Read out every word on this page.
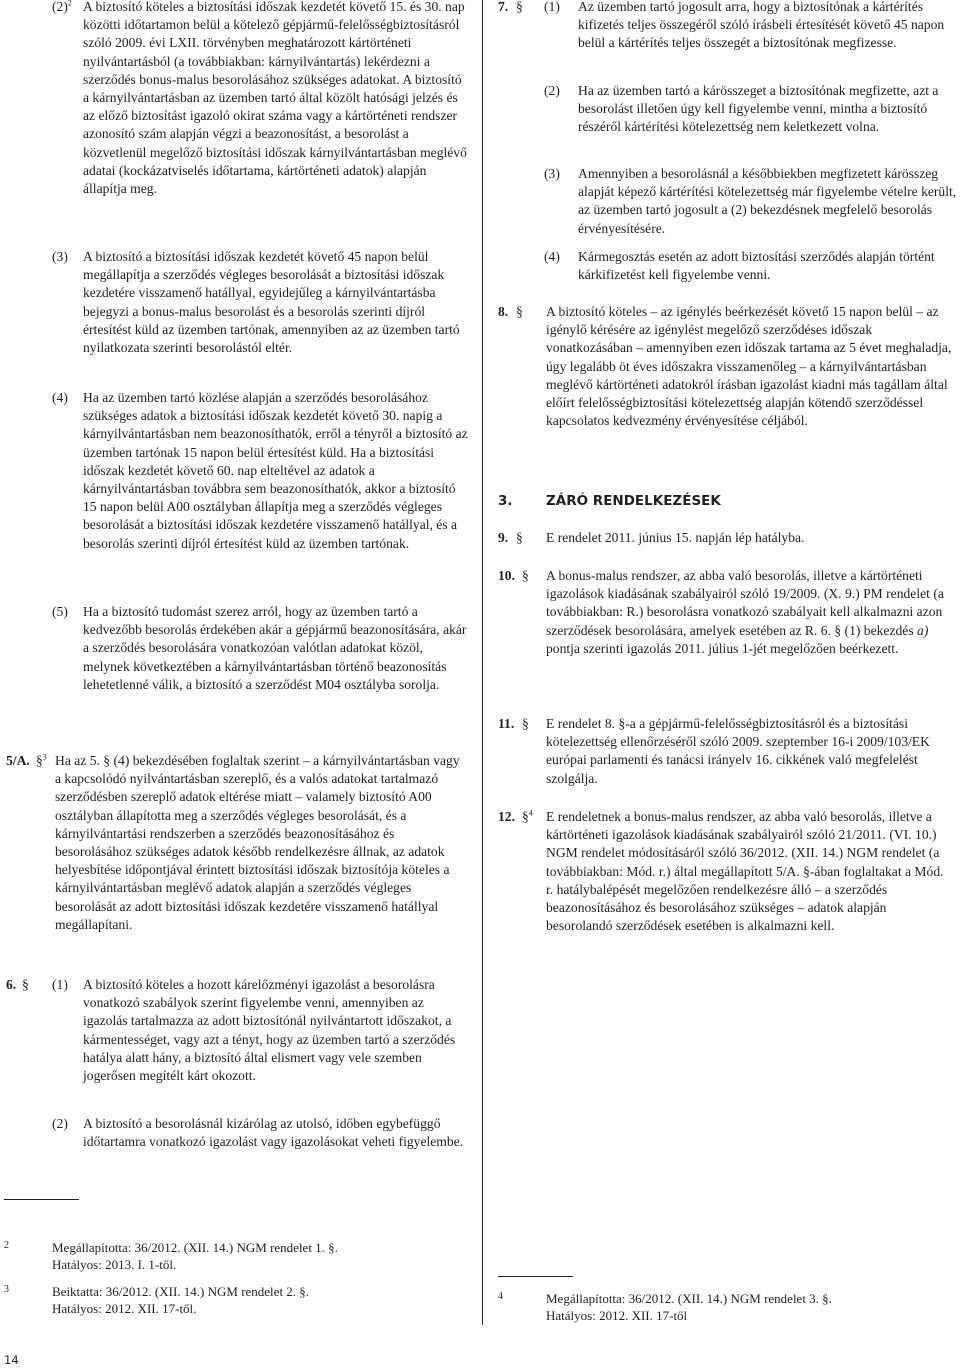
$(2)^2$ A biztosító köteles a biztosítási időszak kezdetét követő 15. és 30. nap közötti időtartamon belül a kötelező gépjármű-felelősségbiztosításról szóló 2009. évi LXII. törvényben meghatározott kártörténeti nyilvántartásból (a továbbiakban: kárnyilvántartás) lekérdezni a szerződés bonus-malus besorolásához szükséges adatokat. A biztosító a kárnyilvántartásban az üzemben tartó által közölt hatósági jelzés és az előző biztosítást igazoló okirat száma vagy a kártörténeti rendszer azonosító szám alapján végzi a beazonosítást, a besorolást a közvetlenül megelőző biztosítási időszak kárnyilvántartásban meglévő adatai (kockázatviselés időtartama, kártörténeti adatok) alapján állapítja meg.

(3) A biztosító a biztosítási időszak kezdetét követő 45 napon belül megállapítja a szerződés végleges besorolását a biztosítási időszak kezdetére visszamenő hatállyal, egyidejűleg a kárnyilvántartásba bejegyzi a bonus-malus besorolást és a besorolás szerinti díjról értesítést küld az üzemben tartónak, amennyiben az az üzemben tartó nyilatkozata szerinti besorolástól eltér.

(4) Ha az üzemben tartó közlése alapján a szerződés besorolásához szükséges adatok a biztosítási időszak kezdetét követő 30. napig a kárnyilvántartásban nem beazonosíthatók, erről a tényről a biztosító az üzemben tartónak 15 napon belül értesítést küld. Ha a biztosítási időszak kezdetét követő 60. nap elteltével az adatok a kárnyilvántartásban továbbra sem beazonosíthatók, akkor a biztosító 15 napon belül A00 osztályban állapítja meg a szerződés végleges besorolását a biztosítási időszak kezdetére visszamenő hatállyal, és a besorolás szerinti díjról értesítést küld az üzemben tartónak.

(5) Ha a biztosító tudomást szerez arról, hogy az üzemben tartó a kedvezőbb besorolás érdekében akár a gépjármű beazonosítására, akár a szerződés besorolására vonatkozóan valótlan adatokat közöl, melynek következtében a kárnyilvántartásban történő beazonosítás lehetetlenné válik, a biztosító a szerződést M04 osztályba sorolja.

5/A. §$^3$ Ha az 5. § (4) bekezdésében foglaltak szerint – a kárnyilvántartásban vagy a kapcsolódó nyilvántartásban szereplő, és a valós adatokat tartalmazó szerződésben szereplő adatok eltérése miatt – valamely biztosító A00 osztályban állapította meg a szerződés végleges besorolását, és a kárnyilvántartási rendszerben a szerződés beazonosításához és besorolásához szükséges adatok később rendelkezésre állnak, az adatok helyesbítése időpontjával érintett biztosítási időszak biztosítója köteles a kárnyilvántartásban meglévő adatok alapján a szerződés végleges besorolását az adott biztosítási időszak kezdetére visszamenő hatállyal megállapítani.

6. § (1) A biztosító köteles a hozott kárelőzményi igazolást a besorolásra vonatkozó szabályok szerint figyelembe venni, amennyiben az igazolás tartalmazza az adott biztosítónál nyilvántartott időszakot, a kármentességet, vagy azt a tényt, hogy az üzemben tartó a szerződés hatálya alatt hány, a biztosító által elismert vagy vele szemben jogerősen megítélt kárt okozott.

(2) A biztosító a besorolásnál kizárólag az utolsó, időben egybefüggő időtartamra vonatkozó igazolást vagy igazolásokat veheti figyelembe.

7. § (1) Az üzemben tartó jogosult arra, hogy a biztosítónak a kártérítés kifizetés teljes összegéről szóló írásbeli értesítését követő 45 napon belül a kártérítés teljes összegét a biztosítónak megfizesse.

(2) Ha az üzemben tartó a kárösszeget a biztosítónak megfizette, azt a besorolást illetően úgy kell figyelembe venni, mintha a biztosító részéről kártérítési kötelezettség nem keletkezett volna.

(3) Amennyiben a besorolásnál a későbbiekben megfizetett kárösszeg alapját képező kártérítési kötelezettség már figyelembe vételre került, az üzemben tartó jogosult a (2) bekezdésnek megfelelő besorolás érvényesítésére.

(4) Kármegosztás esetén az adott biztosítási szerződés alapján történt kárkifizetést kell figyelembe venni.

8. § A biztosító köteles – az igénylés beérkezését követő 15 napon belül – az igénylő kérésére az igénylést megelőző szerződéses időszak vonatkozásában – amennyiben ezen időszak tartama az 5 évet meghaladja, úgy legalább öt éves időszakra visszamenőleg – a kárnyilvántartásban meglévő kártörténeti adatokról írásban igazolást kiadni más tagállam által előírt felelősségbiztosítási kötelezettség alapján kötendő szerződéssel kapcsolatos kedvezmény érvényesítése céljából.

3. ZÁRÓ RENDELKEZÉSEK
9. § E rendelet 2011. június 15. napján lép hatályba.

10. § A bonus-malus rendszer, az abba való besorolás, illetve a kártörténeti igazolások kiadásának szabályairól szóló 19/2009. (X. 9.) PM rendelet (a továbbiakban: R.) besorolásra vonatkozó szabályait kell alkalmazni azon szerződések besorolására, amelyek esetében az R. 6. § (1) bekezdés a) pontja szerinti igazolás 2011. július 1-jét megelőzően beérkezett.

11. § E rendelet 8. §-a a gépjármű-felelősségbiztosításról és a biztosítási kötelezettség ellenőrzéséről szóló 2009. szeptember 16-i 2009/103/EK európai parlamenti és tanácsi irányelv 16. cikkének való megfelelést szolgálja.

12. §$^4$ E rendeletnek a bonus-malus rendszer, az abba való besorolás, illetve a kártörténeti igazolások kiadásának szabályairól szóló 21/2011. (VI. 10.) NGM rendelet módosításáról szóló 36/2012. (XII. 14.) NGM rendelet (a továbbiakban: Mód. r.) által megállapított 5/A. §-ában foglaltakat a Mód. r. hatálybalépését megelőzően rendelkezésre álló – a szerződés beazonosításához és besorolásához szükséges – adatok alapján besorolandó szerződések esetében is alkalmazni kell.

2	Megállapította: 36/2012. (XII. 14.) NGM rendelet 1. §.
Hatályos: 2013. I. 1-től.
3	Beiktatta: 36/2012. (XII. 14.) NGM rendelet 2. §.
Hatályos: 2012. XII. 17-től.
4	Megállapította: 36/2012. (XII. 14.) NGM rendelet 3. §.
Hatályos: 2012. XII. 17-től
14
